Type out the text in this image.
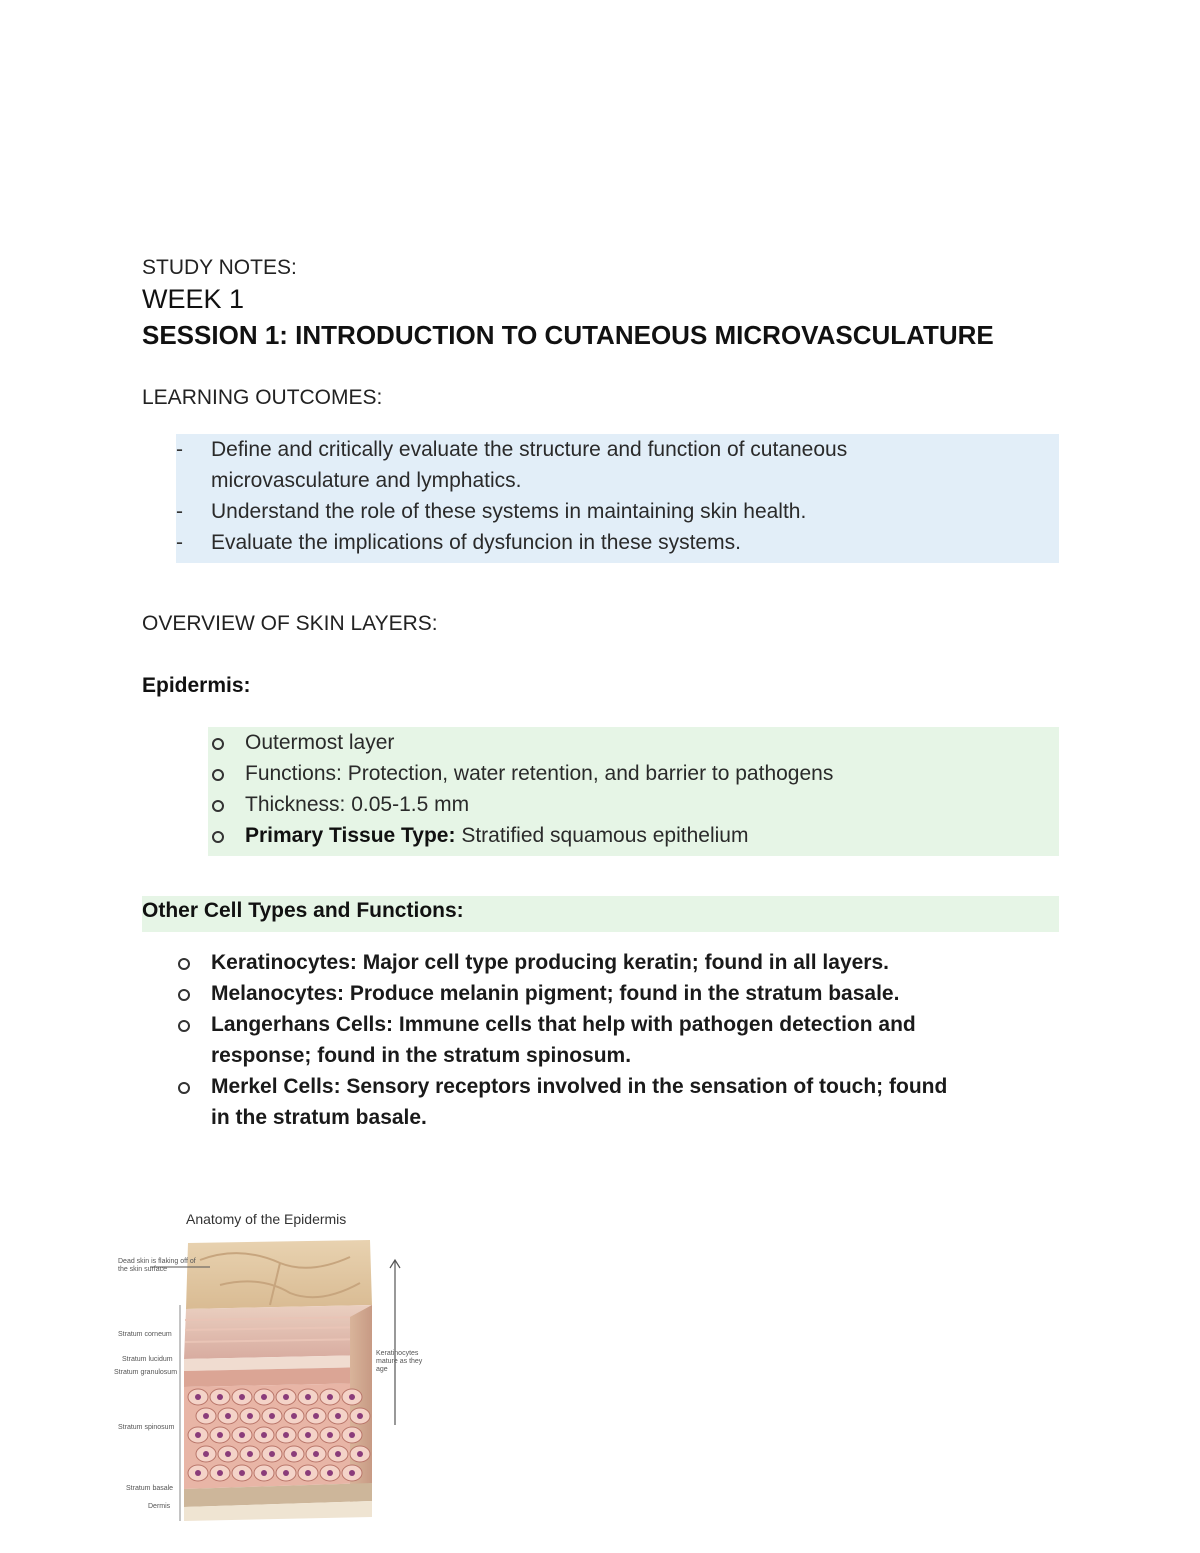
STUDY NOTES:
WEEK 1
SESSION 1: INTRODUCTION TO CUTANEOUS MICROVASCULATURE
LEARNING OUTCOMES:
- Define and critically evaluate the structure and function of cutaneous
microvasculature and lymphatics.
- Understand the role of these systems in maintaining skin health.
- Evaluate the implications of dysfuncion in these systems.
OVERVIEW OF SKIN LAYERS:
Epidermis:
Outermost layer
Functions: Protection, water retention, and barrier to pathogens
Thickness: 0.05-1.5 mm
Primary Tissue Type: Stratified squamous epithelium
Other Cell Types and Functions:
Keratinocytes: Major cell type producing keratin; found in all layers.
Melanocytes: Produce melanin pigment; found in the stratum basale.
Langerhans Cells: Immune cells that help with pathogen detection and
response; found in the stratum spinosum.
Merkel Cells: Sensory receptors involved in the sensation of touch; found
in the stratum basale.
Anatomy of the Epidermis
Dead skin is flaking off of the skin surface
Keratinocytes mature as they age
Stratum corneum
Stratum lucidum
Stratum granulosum
Stratum spinosum
Stratum basale
Dermis
